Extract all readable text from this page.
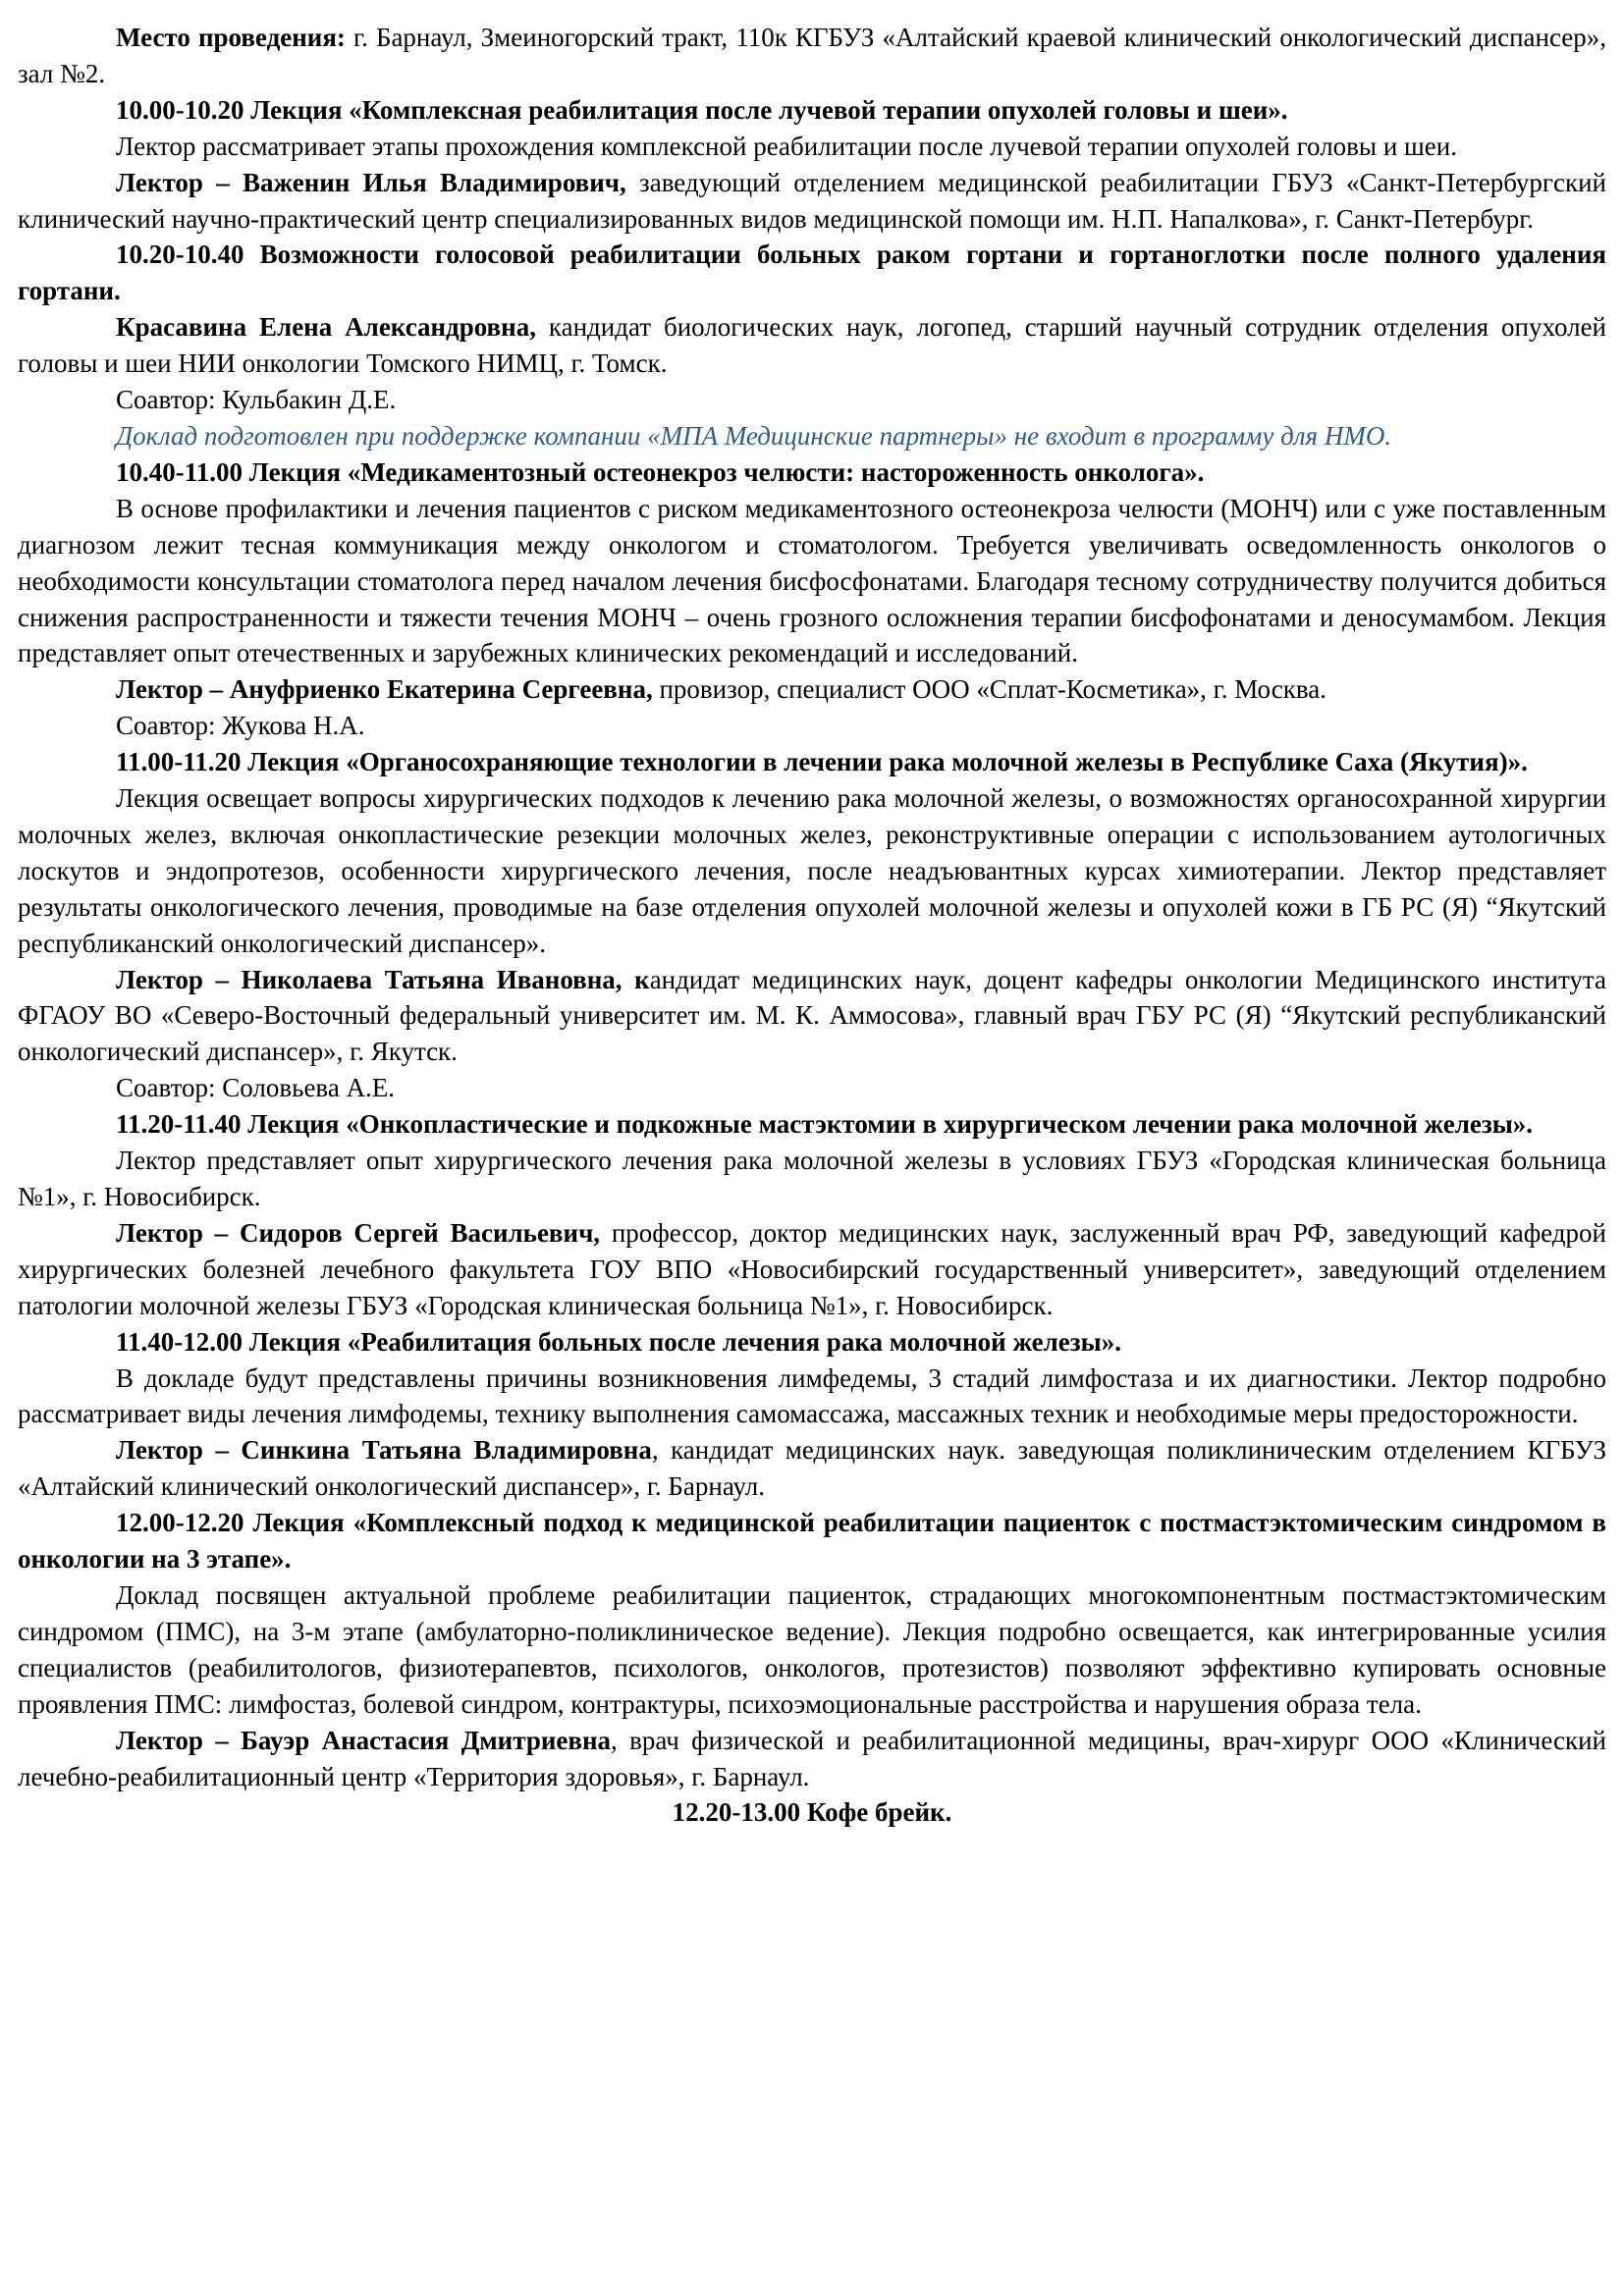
Место проведения: г. Барнаул, Змеиногорский тракт, 110к КГБУЗ «Алтайский краевой клинический онкологический диспансер», зал №2.

10.00-10.20 Лекция «Комплексная реабилитация после лучевой терапии опухолей головы и шеи».

Лектор рассматривает этапы прохождения комплексной реабилитации после лучевой терапии опухолей головы и шеи.

Лектор – Важенин Илья Владимирович, заведующий отделением медицинской реабилитации ГБУЗ «Санкт-Петербургский клинический научно-практический центр специализированных видов медицинской помощи им. Н.П. Напалкова», г. Санкт-Петербург.

10.20-10.40 Возможности голосовой реабилитации больных раком гортани и гортаноглотки после полного удаления гортани.

Красавина Елена Александровна, кандидат биологических наук, логопед, старший научный сотрудник отделения опухолей головы и шеи НИИ онкологии Томского НИМЦ, г. Томск.

Соавтор: Кульбакин Д.Е.

Доклад подготовлен при поддержке компании «МПА Медицинские партнеры» не входит в программу для НМО.

10.40-11.00 Лекция «Медикаментозный остеонекроз челюсти: настороженность онколога».

В основе профилактики и лечения пациентов с риском медикаментозного остеонекроза челюсти (МОНЧ) или с уже поставленным диагнозом лежит тесная коммуникация между онкологом и стоматологом. Требуется увеличивать осведомленность онкологов о необходимости консультации стоматолога перед началом лечения бисфосфонатами. Благодаря тесному сотрудничеству получится добиться снижения распространенности и тяжести течения МОНЧ – очень грозного осложнения терапии бисфофонатами и деносумамбом. Лекция представляет опыт отечественных и зарубежных клинических рекомендаций и исследований.

Лектор – Ануфриенко Екатерина Сергеевна, провизор, специалист ООО «Сплат-Косметика», г. Москва.

Соавтор: Жукова Н.А.

11.00-11.20 Лекция «Органосохраняющие технологии в лечении рака молочной железы в Республике Саха (Якутия)».

Лекция освещает вопросы хирургических подходов к лечению рака молочной железы, о возможностях органосохранной хирургии молочных желез, включая онкопластические резекции молочных желез, реконструктивные операции с использованием аутологичных лоскутов и эндопротезов, особенности хирургического лечения, после неадъювантных курсах химиотерапии. Лектор представляет результаты онкологического лечения, проводимые на базе отделения опухолей молочной железы и опухолей кожи в ГБ РС (Я) “Якутский республиканский онкологический диспансер».

Лектор – Николаева Татьяна Ивановна, кандидат медицинских наук, доцент кафедры онкологии Медицинского института ФГАОУ ВО «Северо-Восточный федеральный университет им. М. К. Аммосова», главный врач ГБУ РС (Я) “Якутский республиканский онкологический диспансер», г. Якутск.

Соавтор: Соловьева А.Е.

11.20-11.40 Лекция «Онкопластические и подкожные мастэктомии в хирургическом лечении рака молочной железы».

Лектор представляет опыт хирургического лечения рака молочной железы в условиях ГБУЗ «Городская клиническая больница №1», г. Новосибирск.

Лектор – Сидоров Сергей Васильевич, профессор, доктор медицинских наук, заслуженный врач РФ, заведующий кафедрой хирургических болезней лечебного факультета ГОУ ВПО «Новосибирский государственный университет», заведующий отделением патологии молочной железы ГБУЗ «Городская клиническая больница №1», г. Новосибирск.

11.40-12.00 Лекция «Реабилитация больных после лечения рака молочной железы».

В докладе будут представлены причины возникновения лимфедемы, 3 стадий лимфостаза и их диагностики. Лектор подробно рассматривает виды лечения лимфодемы, технику выполнения самомассажа, массажных техник и необходимые меры предосторожности.

Лектор – Синкина Татьяна Владимировна, кандидат медицинских наук. заведующая поликлиническим отделением КГБУЗ «Алтайский клинический онкологический диспансер», г. Барнаул.

12.00-12.20 Лекция «Комплексный подход к медицинской реабилитации пациенток с постмастэктомическим синдромом в онкологии на 3 этапе».

Доклад посвящен актуальной проблеме реабилитации пациенток, страдающих многокомпонентным постмастэктомическим синдромом (ПМС), на 3-м этапе (амбулаторно-поликлиническое ведение). Лекция подробно освещается, как интегрированные усилия специалистов (реабилитологов, физиотерапевтов, психологов, онкологов, протезистов) позволяют эффективно купировать основные проявления ПМС: лимфостаз, болевой синдром, контрактуры, психоэмоциональные расстройства и нарушения образа тела.

Лектор – Бауэр Анастасия Дмитриевна, врач физической и реабилитационной медицины, врач-хирург ООО «Клинический лечебно-реабилитационный центр «Территория здоровья», г. Барнаул.

12.20-13.00 Кофе брейк.
